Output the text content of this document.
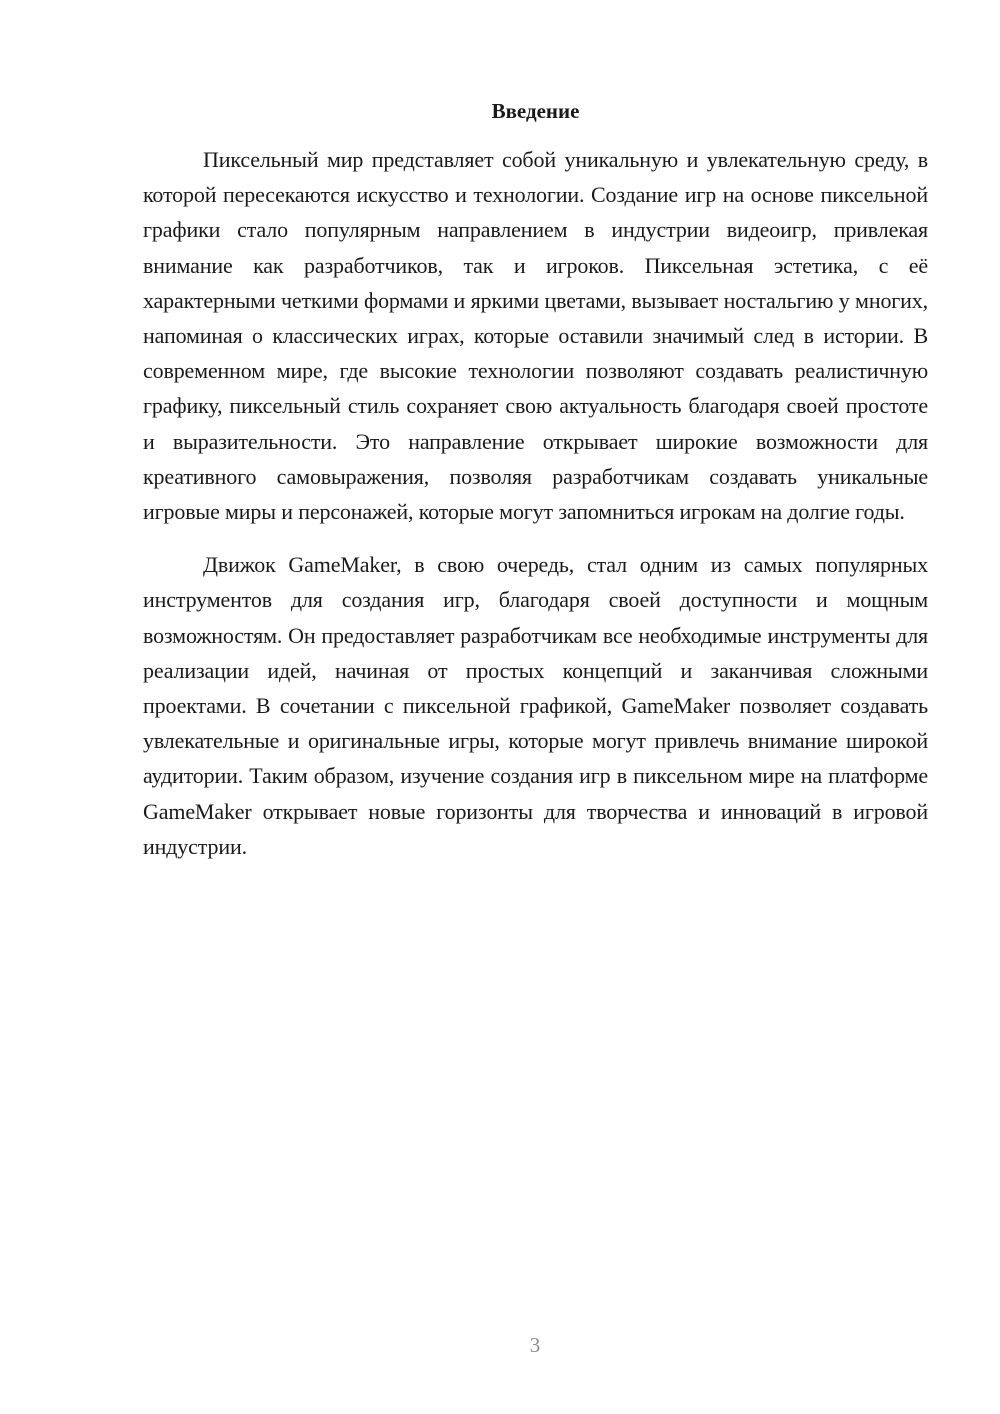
Введение

Пиксельный мир представляет собой уникальную и увлекательную среду, в которой пересекаются искусство и технологии. Создание игр на основе пиксельной графики стало популярным направлением в индустрии видеоигр, привлекая внимание как разработчиков, так и игроков. Пиксельная эстетика, с её характерными четкими формами и яркими цветами, вызывает ностальгию у многих, напоминая о классических играх, которые оставили значимый след в истории. В современном мире, где высокие технологии позволяют создавать реалистичную графику, пиксельный стиль сохраняет свою актуальность благодаря своей простоте и выразительности. Это направление открывает широкие возможности для креативного самовыражения, позволяя разработчикам создавать уникальные игровые миры и персонажей, которые могут запомниться игрокам на долгие годы.

Движок GameMaker, в свою очередь, стал одним из самых популярных инструментов для создания игр, благодаря своей доступности и мощным возможностям. Он предоставляет разработчикам все необходимые инструменты для реализации идей, начиная от простых концепций и заканчивая сложными проектами. В сочетании с пиксельной графикой, GameMaker позволяет создавать увлекательные и оригинальные игры, которые могут привлечь внимание широкой аудитории. Таким образом, изучение создания игр в пиксельном мире на платформе GameMaker открывает новые горизонты для творчества и инноваций в игровой индустрии.

3
